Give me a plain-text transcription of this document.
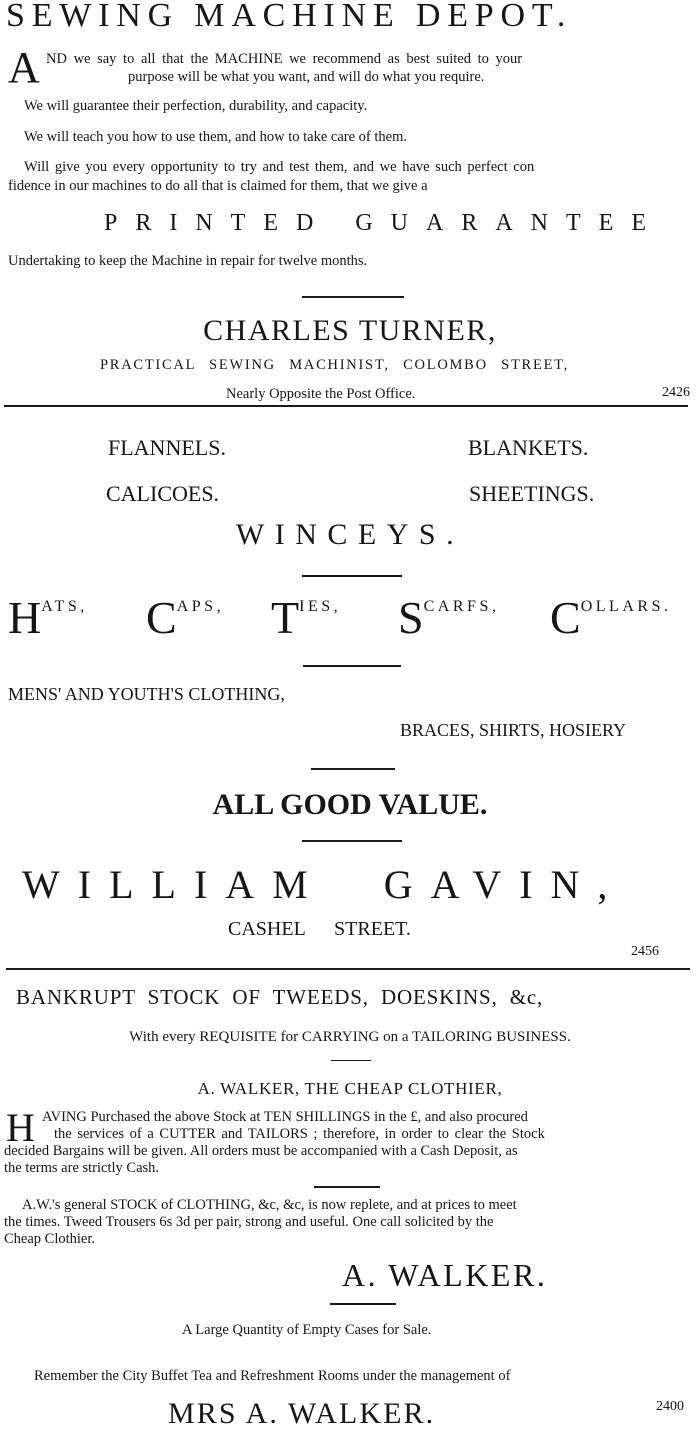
SEWING MACHINE DEPOT.
A ND we say to all that the MACHINE we recommend as best suited to your
purpose will be what you want, and will do what you require.
We will guarantee their perfection, durability, and capacity.
We will teach you how to use them, and how to take care of them.
Will give you every opportunity to try and test them, and we have such perfect con
fidence in our machines to do all that is claimed for them, that we give a
PRINTED GUARANTEE
Undertaking to keep the Machine in repair for twelve months.
CHARLES TURNER,
PRACTICAL SEWING MACHINIST, COLOMBO STREET,
Nearly Opposite the Post Office.	2426
FLANNELS.	BLANKETS.
CALICOES.	SHEETINGS.
WINCEYS.
HATS, CAPS, TIES, SCARFS, COLLARS.
MENS' AND YOUTH'S CLOTHING,
BRACES, SHIRTS, HOSIERY
ALL GOOD VALUE.
WILLIAM GAVIN,
CASHEL STREET.
2456
BANKRUPT STOCK OF TWEEDS, DOESKINS, &c,
With every REQUISITE for CARRYING on a TAILORING BUSINESS.
A. WALKER, THE CHEAP CLOTHIER,
H AVING Purchased the above Stock at TEN SHILLINGS in the £, and also procured
the services of a CUTTER and TAILORS ; therefore, in order to clear the Stock
decided Bargains will be given. All orders must be accompanied with a Cash Deposit, as
the terms are strictly Cash.
A.W.'s general STOCK of CLOTHING, &c, &c, is now replete, and at prices to meet
the times. Tweed Trousers 6s 3d per pair, strong and useful. One call solicited by the
Cheap Clothier.
A. WALKER.
A Large Quantity of Empty Cases for Sale.
Remember the City Buffet Tea and Refreshment Rooms under the management of
MRS A. WALKER.	2400
